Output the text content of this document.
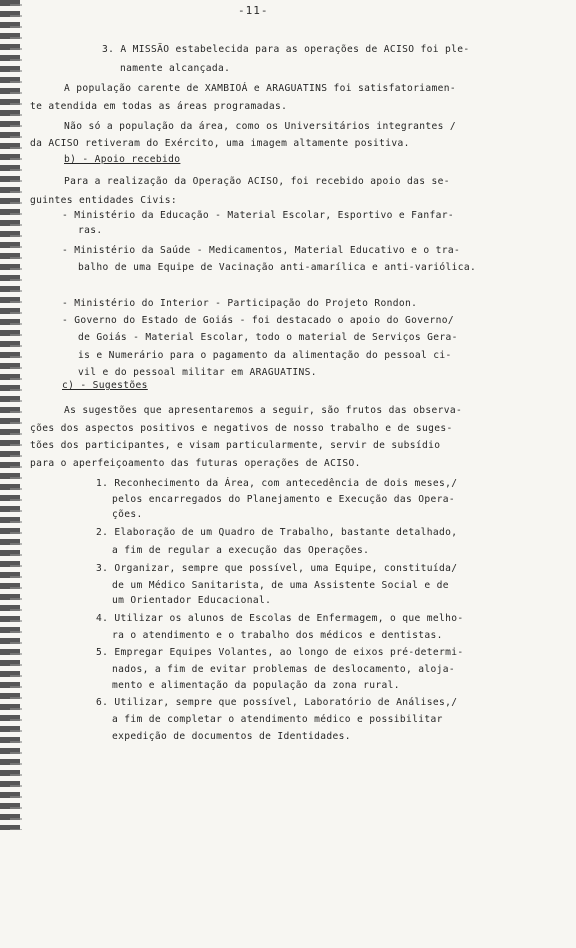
-11-
3. A MISSÃO estabelecida para as operações de ACISO foi ple-
namente alcançada.
A população carente de XAMBIOÁ e ARAGUATINS foi satisfatoriamen-
te atendida em todas as áreas programadas.
Não só a população da área, como os Universitários integrantes /
da ACISO retiveram do Exército, uma imagem altamente positiva.
b) - Apoio recebido
Para a realização da Operação ACISO, foi recebido apoio das se-
guintes entidades Civis:
- Ministério da Educação - Material Escolar, Esportivo e Fanfar-
ras.
- Ministério da Saúde - Medicamentos, Material Educativo e o tra-
balho de uma Equipe de Vacinação anti-amarílica e anti-variólica.
- Ministério do Interior - Participação do Projeto Rondon.
- Governo do Estado de Goiás - foi destacado o apoio do Governo/
de Goiás - Material Escolar, todo o material de Serviços Gera-
is e Numerário para o pagamento da alimentação do pessoal ci-
vil e do pessoal militar em ARAGUATINS.
c) - Sugestões
As sugestões que apresentaremos a seguir, são frutos das observa-
ções dos aspectos positivos e negativos de nosso trabalho e de suges-
tões dos participantes, e visam particularmente, servir de subsídio
para o aperfeiçoamento das futuras operações de ACISO.
1. Reconhecimento da Área, com antecedência de dois meses,/
pelos encarregados do Planejamento e Execução das Opera-
ções.
2. Elaboração de um Quadro de Trabalho, bastante detalhado,
a fim de regular a execução das Operações.
3. Organizar, sempre que possível, uma Equipe, constituída/
de um Médico Sanitarista, de uma Assistente Social e de
um Orientador Educacional.
4. Utilizar os alunos de Escolas de Enfermagem, o que melho-
ra o atendimento e o trabalho dos médicos e dentistas.
5. Empregar Equipes Volantes, ao longo de eixos pré-determi-
nados, a fim de evitar problemas de deslocamento, aloja-
mento e alimentação da população da zona rural.
6. Utilizar, sempre que possível, Laboratório de Análises,/
a fim de completar o atendimento médico e possibilitar
expedição de documentos de Identidades.
